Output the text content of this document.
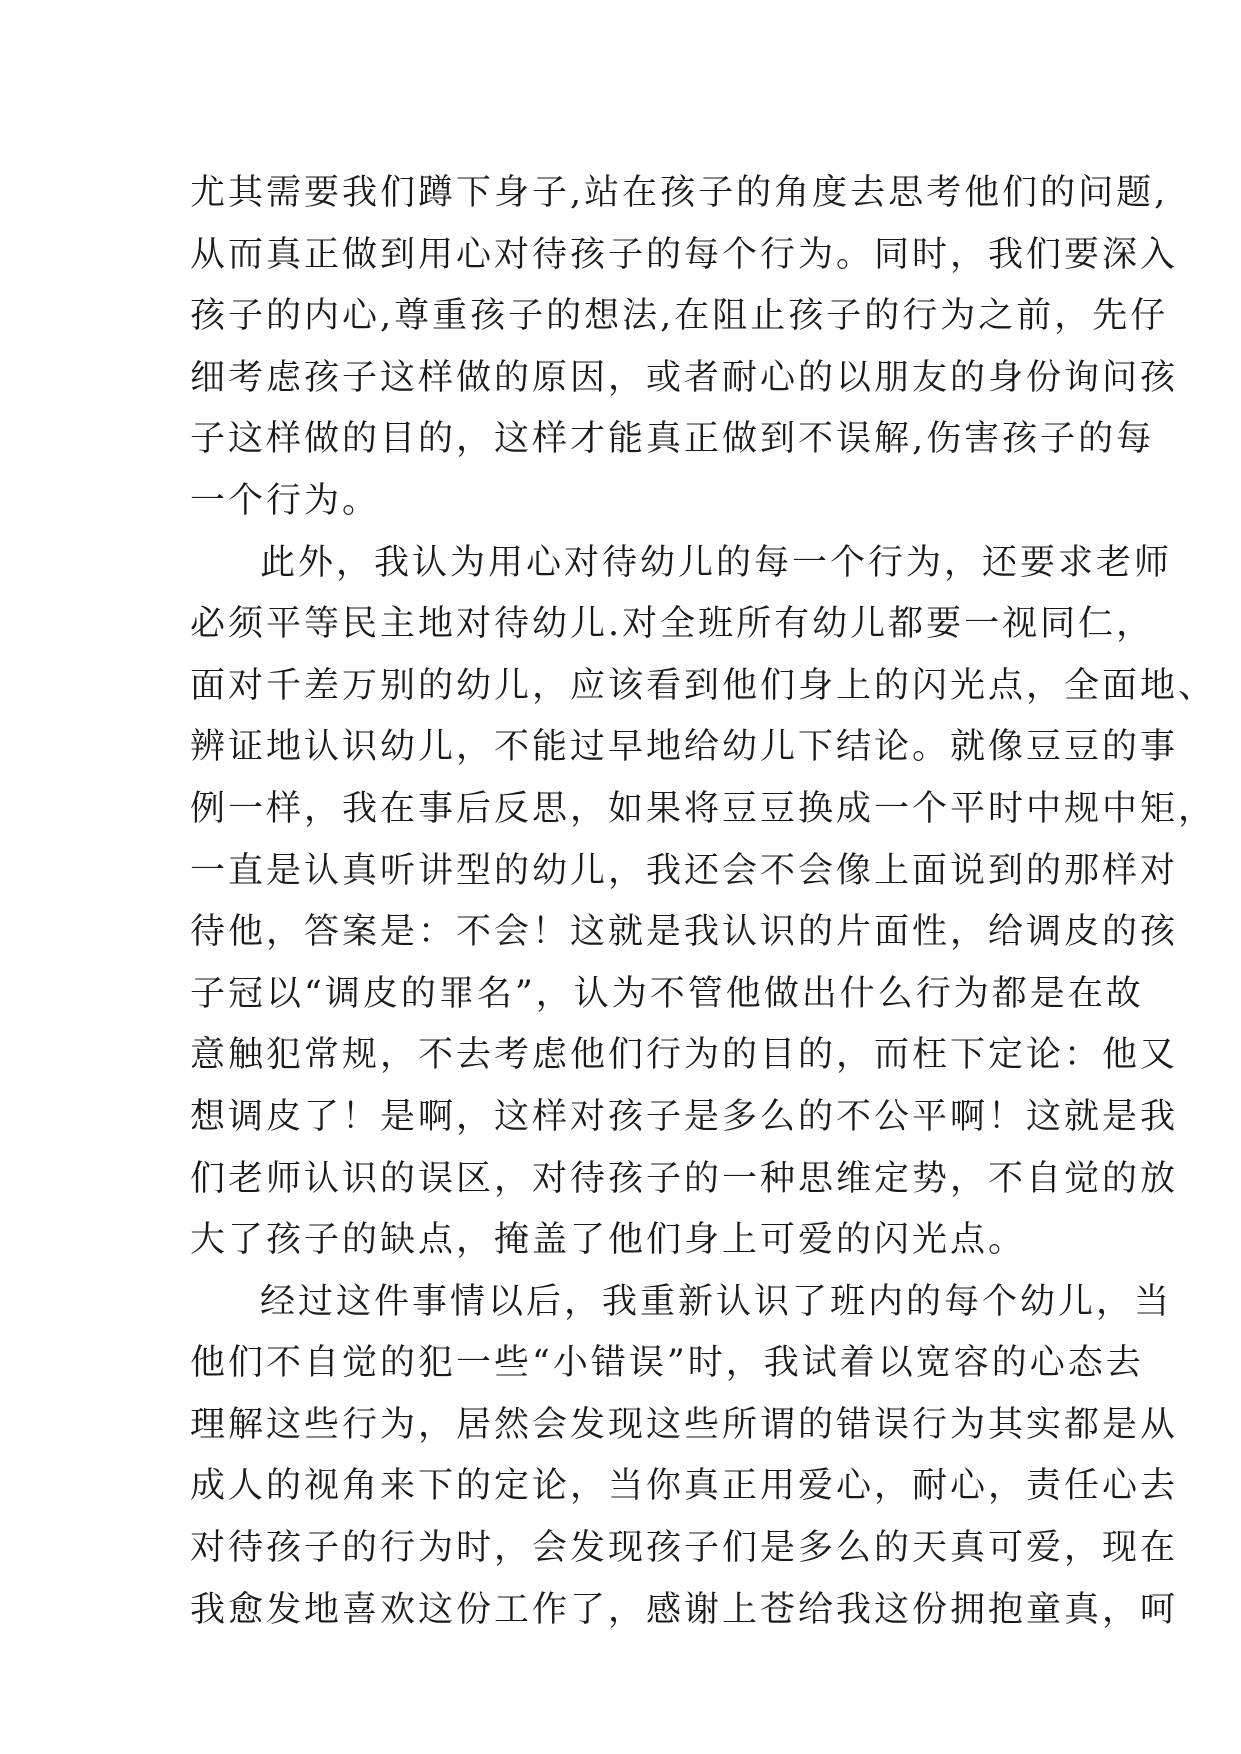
尤其需要我们蹲下身子,站在孩子的角度去思考他们的问题,
从而真正做到用心对待孩子的每个行为。同时，我们要深入
孩子的内心,尊重孩子的想法,在阻止孩子的行为之前，先仔
细考虑孩子这样做的原因，或者耐心的以朋友的身份询问孩
子这样做的目的，这样才能真正做到不误解,伤害孩子的每
一个行为。
此外，我认为用心对待幼儿的每一个行为，还要求老师
必须平等民主地对待幼儿.对全班所有幼儿都要一视同仁，
面对千差万别的幼儿，应该看到他们身上的闪光点，全面地、
辨证地认识幼儿，不能过早地给幼儿下结论。就像豆豆的事
例一样，我在事后反思，如果将豆豆换成一个平时中规中矩，
一直是认真听讲型的幼儿，我还会不会像上面说到的那样对
待他，答案是：不会！这就是我认识的片面性，给调皮的孩
子冠以“调皮的罪名”，认为不管他做出什么行为都是在故
意触犯常规，不去考虑他们行为的目的，而枉下定论：他又
想调皮了！是啊，这样对孩子是多么的不公平啊！这就是我
们老师认识的误区，对待孩子的一种思维定势，不自觉的放
大了孩子的缺点，掩盖了他们身上可爱的闪光点。
经过这件事情以后，我重新认识了班内的每个幼儿，当
他们不自觉的犯一些“小错误”时，我试着以宽容的心态去
理解这些行为，居然会发现这些所谓的错误行为其实都是从
成人的视角来下的定论，当你真正用爱心，耐心，责任心去
对待孩子的行为时，会发现孩子们是多么的天真可爱，现在
我愈发地喜欢这份工作了，感谢上苍给我这份拥抱童真，呵
